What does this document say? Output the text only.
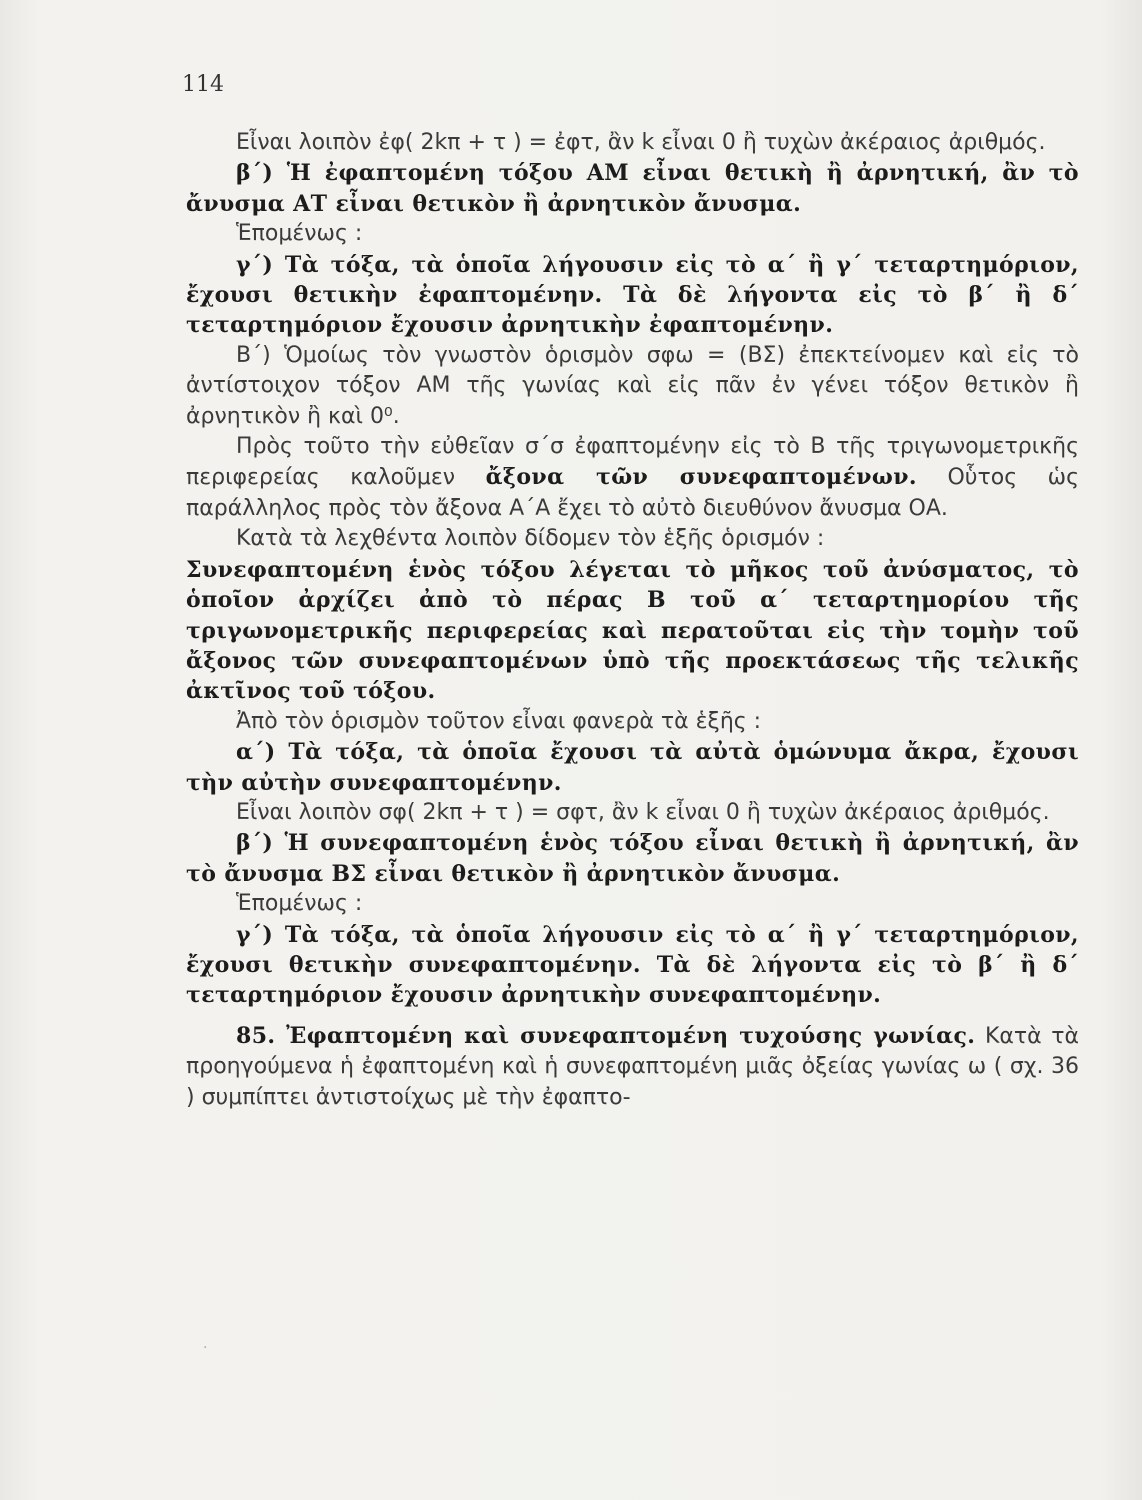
114

Εἶναι λοιπὸν ἐφ( 2kπ + τ ) = ἐφτ, ἂν k εἶναι 0 ἢ τυχὼν ἀκέραιος ἀριθμός.

β΄) Ἡ ἐφαπτομένη τόξου ΑΜ εἶναι θετικὴ ἢ ἀρνητική, ἂν τὸ ἄνυσμα ΑΤ εἶναι θετικὸν ἢ ἀρνητικὸν ἄνυσμα.

Ἑπομένως :

γ΄) Τὰ τόξα, τὰ ὁποῖα λήγουσιν εἰς τὸ α΄ ἢ γ΄ τεταρτημόριον, ἔχουσι θετικὴν ἐφαπτομένην. Τὰ δὲ λήγοντα εἰς τὸ β΄ ἢ δ΄ τεταρτημόριον ἔχουσιν ἀρνητικὴν ἐφαπτομένην.

Β΄) Ὁμοίως τὸν γνωστὸν ὁρισμὸν σφω = (ΒΣ) ἐπεκτείνομεν καὶ εἰς τὸ ἀντίστοιχον τόξον ΑΜ τῆς γωνίας καὶ εἰς πᾶν ἐν γένει τόξον θετικὸν ἢ ἀρνητικὸν ἢ καὶ 0⁰.

Πρὸς τοῦτο τὴν εὐθεῖαν σ΄σ ἐφαπτομένην εἰς τὸ Β τῆς τριγωνομετρικῆς περιφερείας καλοῦμεν ἄξονα τῶν συνεφαπτομένων. Οὗτος ὡς παράλληλος πρὸς τὸν ἄξονα Α΄Α ἔχει τὸ αὐτὸ διευθύνον ἄνυσμα ΟΑ.

Κατὰ τὰ λεχθέντα λοιπὸν δίδομεν τὸν ἑξῆς ὁρισμόν :

Συνεφαπτομένη ἑνὸς τόξου λέγεται τὸ μῆκος τοῦ ἀνύσματος, τὸ ὁποῖον ἀρχίζει ἀπὸ τὸ πέρας Β τοῦ α΄ τεταρτημορίου τῆς τριγωνομετρικῆς περιφερείας καὶ περατοῦται εἰς τὴν τομὴν τοῦ ἄξονος τῶν συνεφαπτομένων ὑπὸ τῆς προεκτάσεως τῆς τελικῆς ἀκτῖνος τοῦ τόξου.

Ἀπὸ τὸν ὁρισμὸν τοῦτον εἶναι φανερὰ τὰ ἑξῆς :

α΄) Τὰ τόξα, τὰ ὁποῖα ἔχουσι τὰ αὐτὰ ὁμώνυμα ἄκρα, ἔχουσι τὴν αὐτὴν συνεφαπτομένην.

Εἶναι λοιπὸν σφ( 2kπ + τ ) = σφτ, ἂν k εἶναι 0 ἢ τυχὼν ἀκέραιος ἀριθμός.

β΄) Ἡ συνεφαπτομένη ἑνὸς τόξου εἶναι θετικὴ ἢ ἀρνητική, ἂν τὸ ἄνυσμα ΒΣ εἶναι θετικὸν ἢ ἀρνητικὸν ἄνυσμα.

Ἑπομένως :

γ΄) Τὰ τόξα, τὰ ὁποῖα λήγουσιν εἰς τὸ α΄ ἢ γ΄ τεταρτημόριον, ἔχουσι θετικὴν συνεφαπτομένην. Τὰ δὲ λήγοντα εἰς τὸ β΄ ἢ δ΄ τεταρτημόριον ἔχουσιν ἀρνητικὴν συνεφαπτομένην.

85. Ἐφαπτομένη καὶ συνεφαπτομένη τυχούσης γωνίας. Κατὰ τὰ προηγούμενα ἡ ἐφαπτομένη καὶ ἡ συνεφαπτομένη μιᾶς ὀξείας γωνίας ω ( σχ. 36 ) συμπίπτει ἀντιστοίχως μὲ τὴν ἐφαπτο-

·
